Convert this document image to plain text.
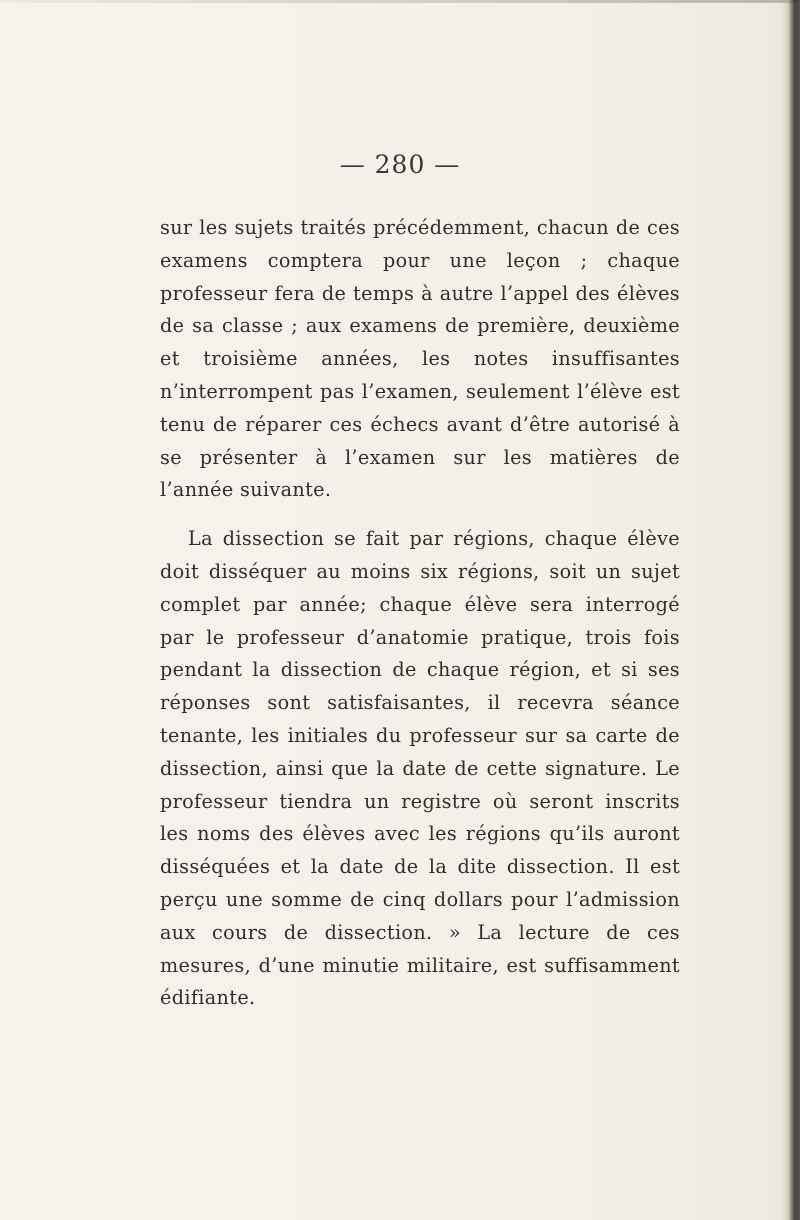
— 280 —

sur les sujets traités précédemment, chacun de ces examens comptera pour une leçon ; chaque professeur fera de temps à autre l’appel des élèves de sa classe ; aux examens de première, deuxième et troisième années, les notes insuffisantes n’interrompent pas l’examen, seulement l’élève est tenu de réparer ces échecs avant d’être autorisé à se présenter à l’examen sur les matières de l’année suivante.

La dissection se fait par régions, chaque élève doit disséquer au moins six régions, soit un sujet complet par année; chaque élève sera interrogé par le professeur d’anatomie pratique, trois fois pendant la dissection de chaque région, et si ses réponses sont satisfaisantes, il recevra séance tenante, les initiales du professeur sur sa carte de dissection, ainsi que la date de cette signature. Le professeur tiendra un registre où seront inscrits les noms des élèves avec les régions qu’ils auront disséquées et la date de la dite dissection. Il est perçu une somme de cinq dollars pour l’admission aux cours de dissection. » La lecture de ces mesures, d’une minutie militaire, est suffisamment édifiante.
